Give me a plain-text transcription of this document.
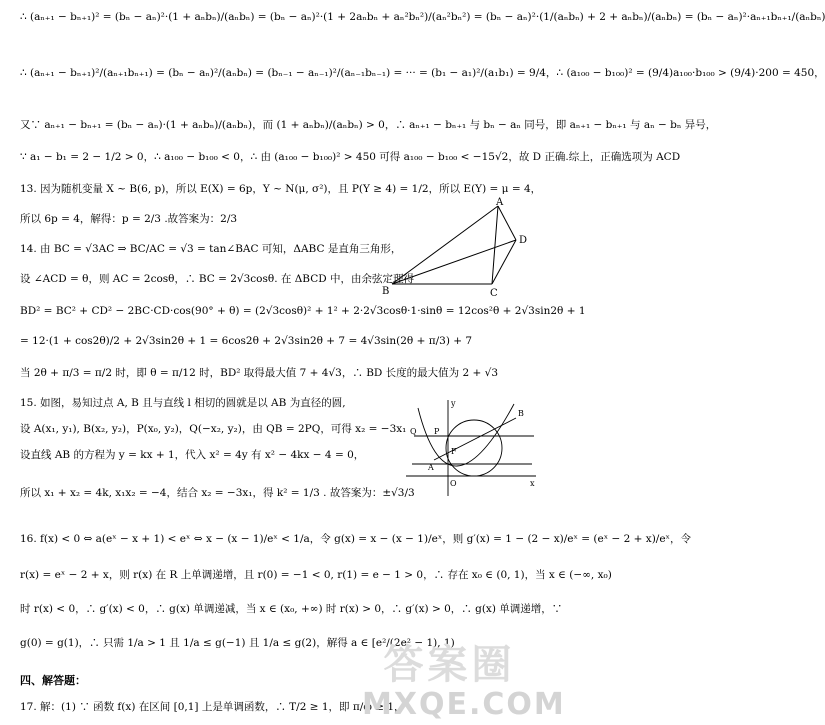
∴ (aₙ₊₁ − bₙ₊₁)² = (bₙ − aₙ)²·(1 + aₙbₙ)/(aₙbₙ) = (bₙ − aₙ)²·(1 + 2aₙbₙ + aₙ²bₙ²)/(aₙ²bₙ²) = (bₙ − aₙ)²·(1/(aₙbₙ) + 2 + aₙbₙ)/(aₙbₙ) = (bₙ − aₙ)²·aₙ₊₁bₙ₊₁/(aₙbₙ)
∴ (aₙ₊₁ − bₙ₊₁)²/(aₙ₊₁bₙ₊₁) = (bₙ − aₙ)²/(aₙbₙ) = (bₙ₋₁ − aₙ₋₁)²/(aₙ₋₁bₙ₋₁) = ··· = (b₁ − a₁)²/(a₁b₁) = 9/4，∴ (a₁₀₀ − b₁₀₀)² = (9/4)a₁₀₀·b₁₀₀ > (9/4)·200 = 450，
又∵ aₙ₊₁ − bₙ₊₁ = (bₙ − aₙ)·(1 + aₙbₙ)/(aₙbₙ)，而 (1 + aₙbₙ)/(aₙbₙ) > 0，∴ aₙ₊₁ − bₙ₊₁ 与 bₙ − aₙ 同号，即 aₙ₊₁ − bₙ₊₁ 与 aₙ − bₙ 异号，
∵ a₁ − b₁ = 2 − 1/2 > 0，∴ a₁₀₀ − b₁₀₀ < 0，∴ 由 (a₁₀₀ − b₁₀₀)² > 450 可得 a₁₀₀ − b₁₀₀ < −15√2，故 D 正确.综上，正确选项为 ACD
13. 因为随机变量 X ~ B(6, p)，所以 E(X) = 6p，Y ~ N(μ, σ²)，且 P(Y ≥ 4) = 1/2，所以 E(Y) = μ = 4，
所以 6p = 4，解得：p = 2/3 .故答案为：2/3
14. 由 BC = √3AC ⇒ BC/AC = √3 = tan∠BAC 可知，ΔABC 是直角三角形，
设 ∠ACD = θ，则 AC = 2cosθ，∴ BC = 2√3cosθ. 在 ΔBCD 中，由余弦定理得
BD² = BC² + CD² − 2BC·CD·cos(90° + θ) = (2√3cosθ)² + 1² + 2·2√3cosθ·1·sinθ = 12cos²θ + 2√3sin2θ + 1
= 12·(1 + cos2θ)/2 + 2√3sin2θ + 1 = 6cos2θ + 2√3sin2θ + 7 = 4√3sin(2θ + π/3) + 7
当 2θ + π/3 = π/2 时，即 θ = π/12 时，BD² 取得最大值 7 + 4√3，∴ BD 长度的最大值为 2 + √3
15. 如图，易知过点 A, B 且与直线 l 相切的圆就是以 AB 为直径的圆,
设 A(x₁, y₁), B(x₂, y₂)，P(x₀, y₂)，Q(−x₂, y₂)，由 QB = 2PQ，可得 x₂ = −3x₁
设直线 AB 的方程为 y = kx + 1，代入 x² = 4y 有 x² − 4kx − 4 = 0，
所以 x₁ + x₂ = 4k, x₁x₂ = −4，结合 x₂ = −3x₁，得 k² = 1/3 . 故答案为：±√3/3
16. f(x) < 0 ⇔ a(eˣ − x + 1) < eˣ ⇔ x − (x − 1)/eˣ < 1/a，令 g(x) = x − (x − 1)/eˣ，则 g′(x) = 1 − (2 − x)/eˣ = (eˣ − 2 + x)/eˣ，令
r(x) = eˣ − 2 + x，则 r(x) 在 R 上单调递增，且 r(0) = −1 < 0, r(1) = e − 1 > 0，∴ 存在 x₀ ∈ (0, 1)，当 x ∈ (−∞, x₀)
时 r(x) < 0，∴ g′(x) < 0，∴ g(x) 单调递减，当 x ∈ (x₀, +∞) 时 r(x) > 0，∴ g′(x) > 0，∴ g(x) 单调递增，∵
g(0) = g(1)，∴ 只需 1/a > 1 且 1/a ≤ g(−1) 且 1/a ≤ g(2)，解得 a ∈ [e²/(2e² − 1), 1)
四、解答题：
17. 解：(1) ∵ 函数 f(x) 在区间 [0,1] 上是单调函数，∴ T/2 ≥ 1，即 π/ω ≥ 1，
A
B	C
D
y
x
O
Q P
B
A
F
答案圈
MXQE.COM
